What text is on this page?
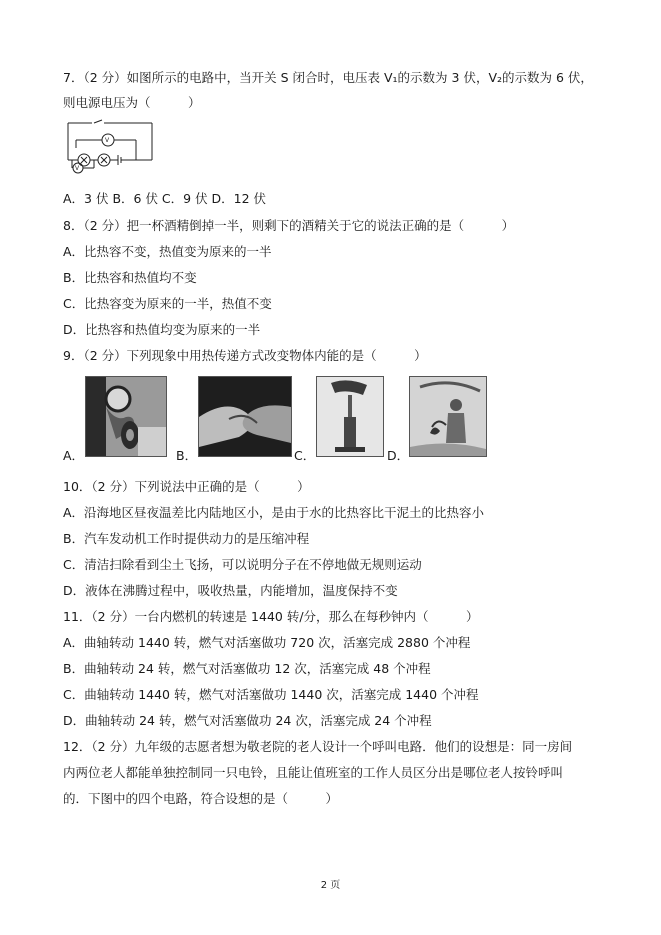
7．（2 分）如图所示的电路中，当开关 S 闭合时，电压表 V₁的示数为 3 伏，V₂的示数为 6 伏，
则电源电压为（　　　）
V
V
A．3 伏 B．6 伏 C．9 伏 D．12 伏
8．（2 分）把一杯酒精倒掉一半，则剩下的酒精关于它的说法正确的是（　　　）
A．比热容不变，热值变为原来的一半
B．比热容和热值均不变
C．比热容变为原来的一半，热值不变
D．比热容和热值均变为原来的一半
9．（2 分）下列现象中用热传递方式改变物体内能的是（　　　）
A．	B．	C．	D．
10．（2 分）下列说法中正确的是（　　　）
A．沿海地区昼夜温差比内陆地区小，是由于水的比热容比干泥土的比热容小
B．汽车发动机工作时提供动力的是压缩冲程
C．清洁扫除看到尘土飞扬，可以说明分子在不停地做无规则运动
D．液体在沸腾过程中，吸收热量，内能增加，温度保持不变
11．（2 分）一台内燃机的转速是 1440 转/分，那么在每秒钟内（　　　）
A．曲轴转动 1440 转，燃气对活塞做功 720 次，活塞完成 2880 个冲程
B．曲轴转动 24 转，燃气对活塞做功 12 次，活塞完成 48 个冲程
C．曲轴转动 1440 转，燃气对活塞做功 1440 次，活塞完成 1440 个冲程
D．曲轴转动 24 转，燃气对活塞做功 24 次，活塞完成 24 个冲程
12．（2 分）九年级的志愿者想为敬老院的老人设计一个呼叫电路．他们的设想是：同一房间
内两位老人都能单独控制同一只电铃，且能让值班室的工作人员区分出是哪位老人按铃呼叫
的．下图中的四个电路，符合设想的是（　　　）
2 页
